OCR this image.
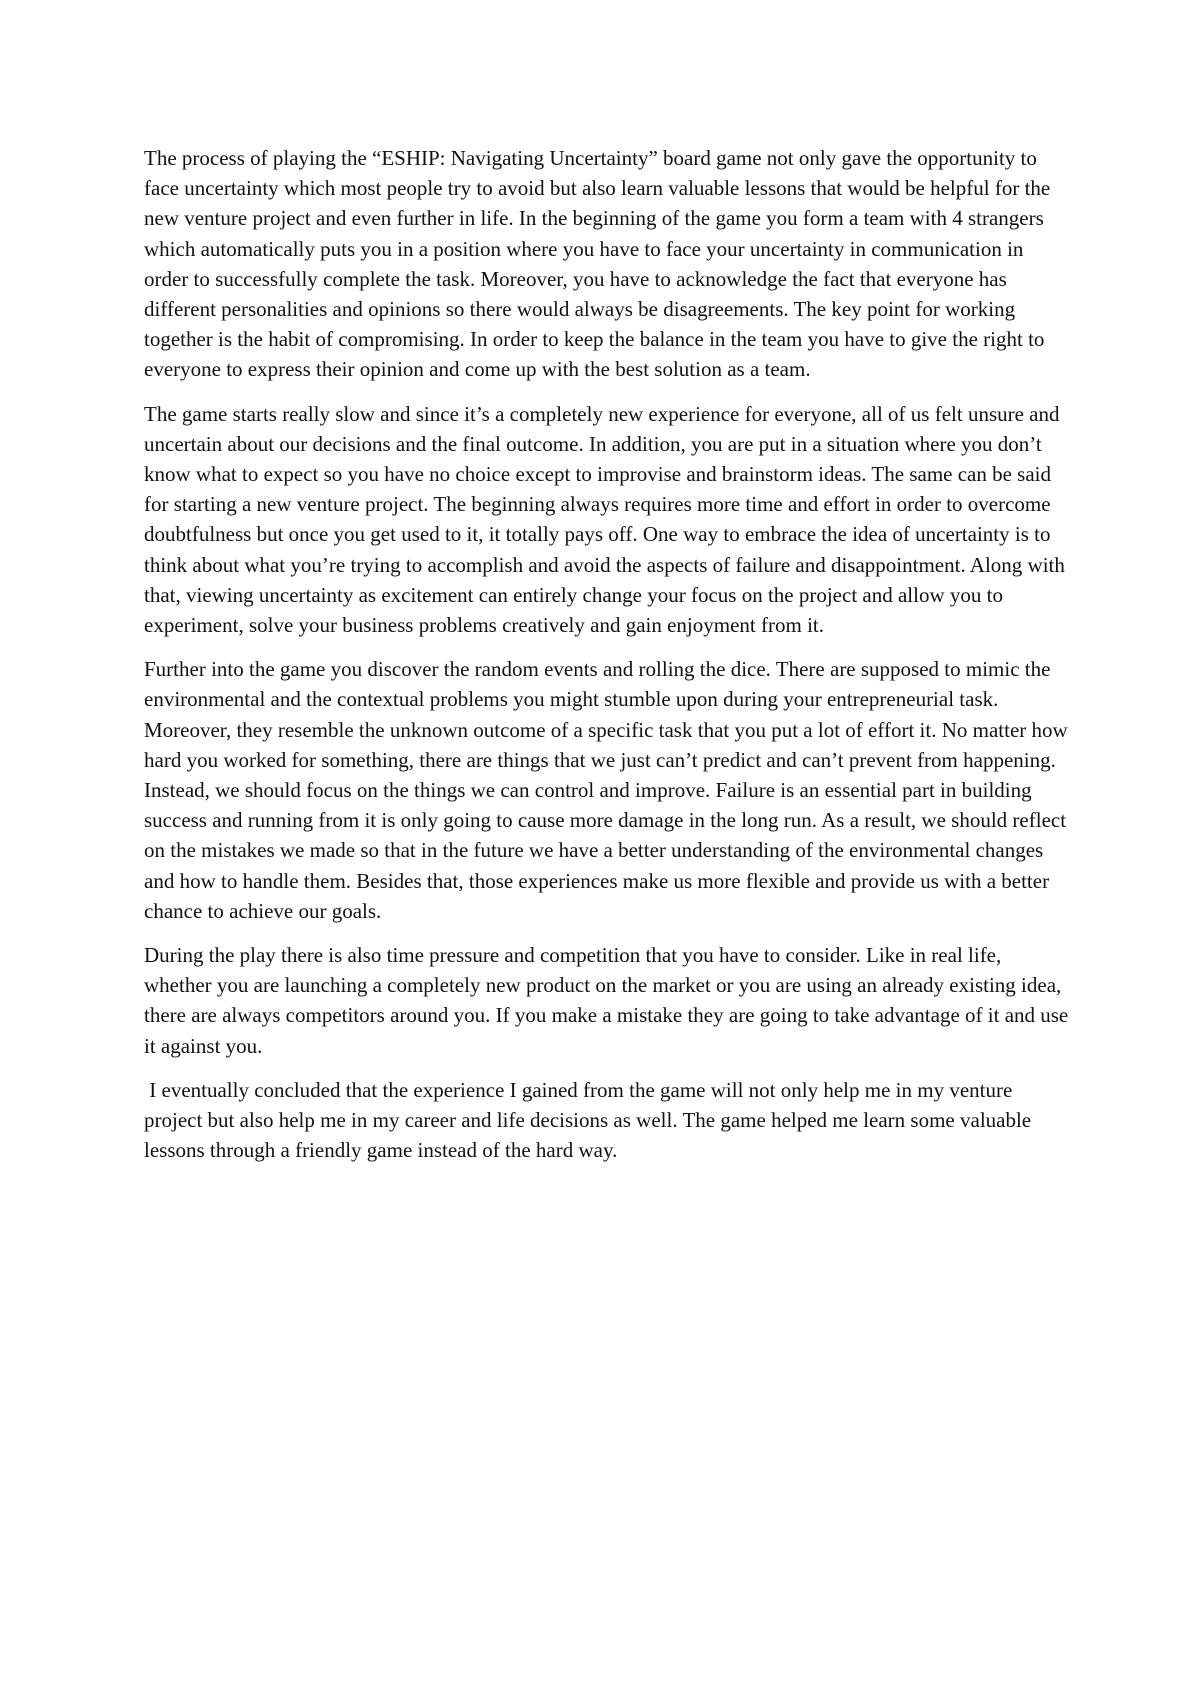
The process of playing the “ESHIP: Navigating Uncertainty” board game not only gave the opportunity to face uncertainty which most people try to avoid but also learn valuable lessons that would be helpful for the new venture project and even further in life. In the beginning of the game you form a team with 4 strangers which automatically puts you in a position where you have to face your uncertainty in communication in order to successfully complete the task. Moreover, you have to acknowledge the fact that everyone has different personalities and opinions so there would always be disagreements. The key point for working together is the habit of compromising. In order to keep the balance in the team you have to give the right to everyone to express their opinion and come up with the best solution as a team.

The game starts really slow and since it’s a completely new experience for everyone, all of us felt unsure and uncertain about our decisions and the final outcome. In addition, you are put in a situation where you don’t know what to expect so you have no choice except to improvise and brainstorm ideas. The same can be said for starting a new venture project. The beginning always requires more time and effort in order to overcome doubtfulness but once you get used to it, it totally pays off. One way to embrace the idea of uncertainty is to think about what you’re trying to accomplish and avoid the aspects of failure and disappointment. Along with that, viewing uncertainty as excitement can entirely change your focus on the project and allow you to experiment, solve your business problems creatively and gain enjoyment from it.

Further into the game you discover the random events and rolling the dice. There are supposed to mimic the environmental and the contextual problems you might stumble upon during your entrepreneurial task. Moreover, they resemble the unknown outcome of a specific task that you put a lot of effort it. No matter how hard you worked for something, there are things that we just can’t predict and can’t prevent from happening. Instead, we should focus on the things we can control and improve. Failure is an essential part in building success and running from it is only going to cause more damage in the long run. As a result, we should reflect on the mistakes we made so that in the future we have a better understanding of the environmental changes and how to handle them. Besides that, those experiences make us more flexible and provide us with a better chance to achieve our goals.

During the play there is also time pressure and competition that you have to consider. Like in real life, whether you are launching a completely new product on the market or you are using an already existing idea, there are always competitors around you. If you make a mistake they are going to take advantage of it and use it against you.

I eventually concluded that the experience I gained from the game will not only help me in my venture project but also help me in my career and life decisions as well. The game helped me learn some valuable lessons through a friendly game instead of the hard way.
